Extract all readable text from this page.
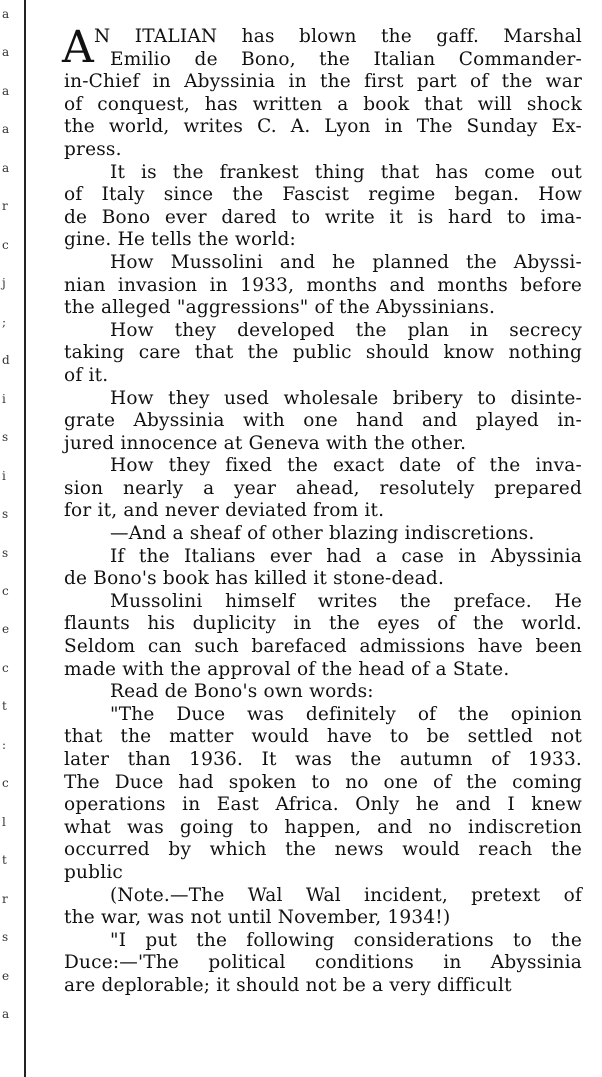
a
a
a
a
a
r
c
j
;
d
i
s
i
s
s
c
e
c
t
:
c
l
t
r
s
e
a
A N ITALIAN has blown the gaff. Marshal
Emilio de Bono, the Italian Commander-
in-Chief in Abyssinia in the first part of the war
of conquest, has written a book that will shock
the world, writes C. A. Lyon in The Sunday Ex-
press.
It is the frankest thing that has come out
of Italy since the Fascist regime began. How
de Bono ever dared to write it is hard to ima-
gine. He tells the world:
How Mussolini and he planned the Abyssi-
nian invasion in 1933, months and months before
the alleged "aggressions" of the Abyssinians.
How they developed the plan in secrecy
taking care that the public should know nothing
of it.
How they used wholesale bribery to disinte-
grate Abyssinia with one hand and played in-
jured innocence at Geneva with the other.
How they fixed the exact date of the inva-
sion nearly a year ahead, resolutely prepared
for it, and never deviated from it.
—And a sheaf of other blazing indiscretions.
If the Italians ever had a case in Abyssinia
de Bono's book has killed it stone-dead.
Mussolini himself writes the preface. He
flaunts his duplicity in the eyes of the world.
Seldom can such barefaced admissions have been
made with the approval of the head of a State.
Read de Bono's own words:
"The Duce was definitely of the opinion
that the matter would have to be settled not
later than 1936. It was the autumn of 1933.
The Duce had spoken to no one of the coming
operations in East Africa. Only he and I knew
what was going to happen, and no indiscretion
occurred by which the news would reach the
public
(Note.—The Wal Wal incident, pretext of
the war, was not until November, 1934!)
"I put the following considerations to the
Duce:—'The political conditions in Abyssinia
are deplorable; it should not be a very difficult
